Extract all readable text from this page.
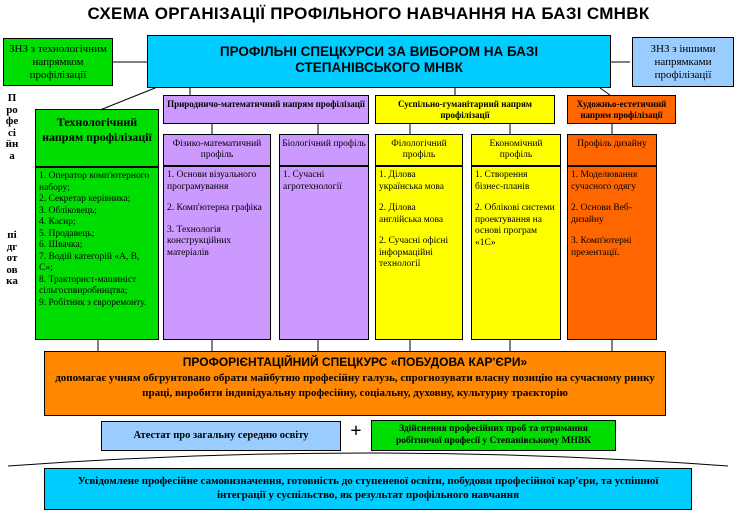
СХЕМА ОРГАНІЗАЦІЇ ПРОФІЛЬНОГО НАВЧАННЯ НА БАЗІ СМНВК
ЗНЗ з технологічним напрямком профілізації
ПРОФІЛЬНІ СПЕЦКУРСИ ЗА ВИБОРОМ НА БАЗІ СТЕПАНІВСЬКОГО МНВК
ЗНЗ з іншими напрямками профілізації
Професійна
підготовка
Природничо-математичний напрям профілізації	Суспільно-гуманітарний напрям профілізації
Художньо-естетичний напрям профілізації
Технологічний напрям профілізації
1. Оператор комп'ютерного набору;
2. Секретар керівника;
3. Обліковець;
4. Касир;
5. Продавець;
6. Швачка;
7. Водій категорій «А, В, С»;
8. Тракторист-машиніст сільгоспвиробництва;
9. Робітник з євроремонту.
Фізико-математичний профіль
1. Основи візуального програмування
2. Комп'ютерна графіка
3. Технологія конструкційних матеріалів
Біологічний профіль
1. Сучасні агротехнології
Філологічний профіль
1. Ділова українська мова
2. Ділова англійська мова
2. Сучасні офісні інформаційні технології
Економічний профіль
1. Створення бізнес-планів
2. Облікові системи проектування на основі програм «1С»
Профіль дизайну
1. Моделювання сучасного одягу
2. Основи Веб-дизайну
3. Комп'ютерні презентації.
ПРОФОРІЄНТАЦІЙНИЙ СПЕЦКУРС «ПОБУДОВА КАР'ЄРИ»
допомагає учням обгрунтовано обрати майбутню професійну галузь, спрогнозувати власну позицію на сучасному ринку праці, виробити індивідуальну професійну, соціальну, духовну, культурну траєкторію
Атестат про загальну середню освіту	+	Здійснення професійних проб та отримання робітничої професії у Степанівському МНВК
Усвідомлене професійне самовизначення, готовність до ступеневої освіти, побудови професійної кар'єри, та успішної інтеграції у суспільство, як результат профільного навчання
